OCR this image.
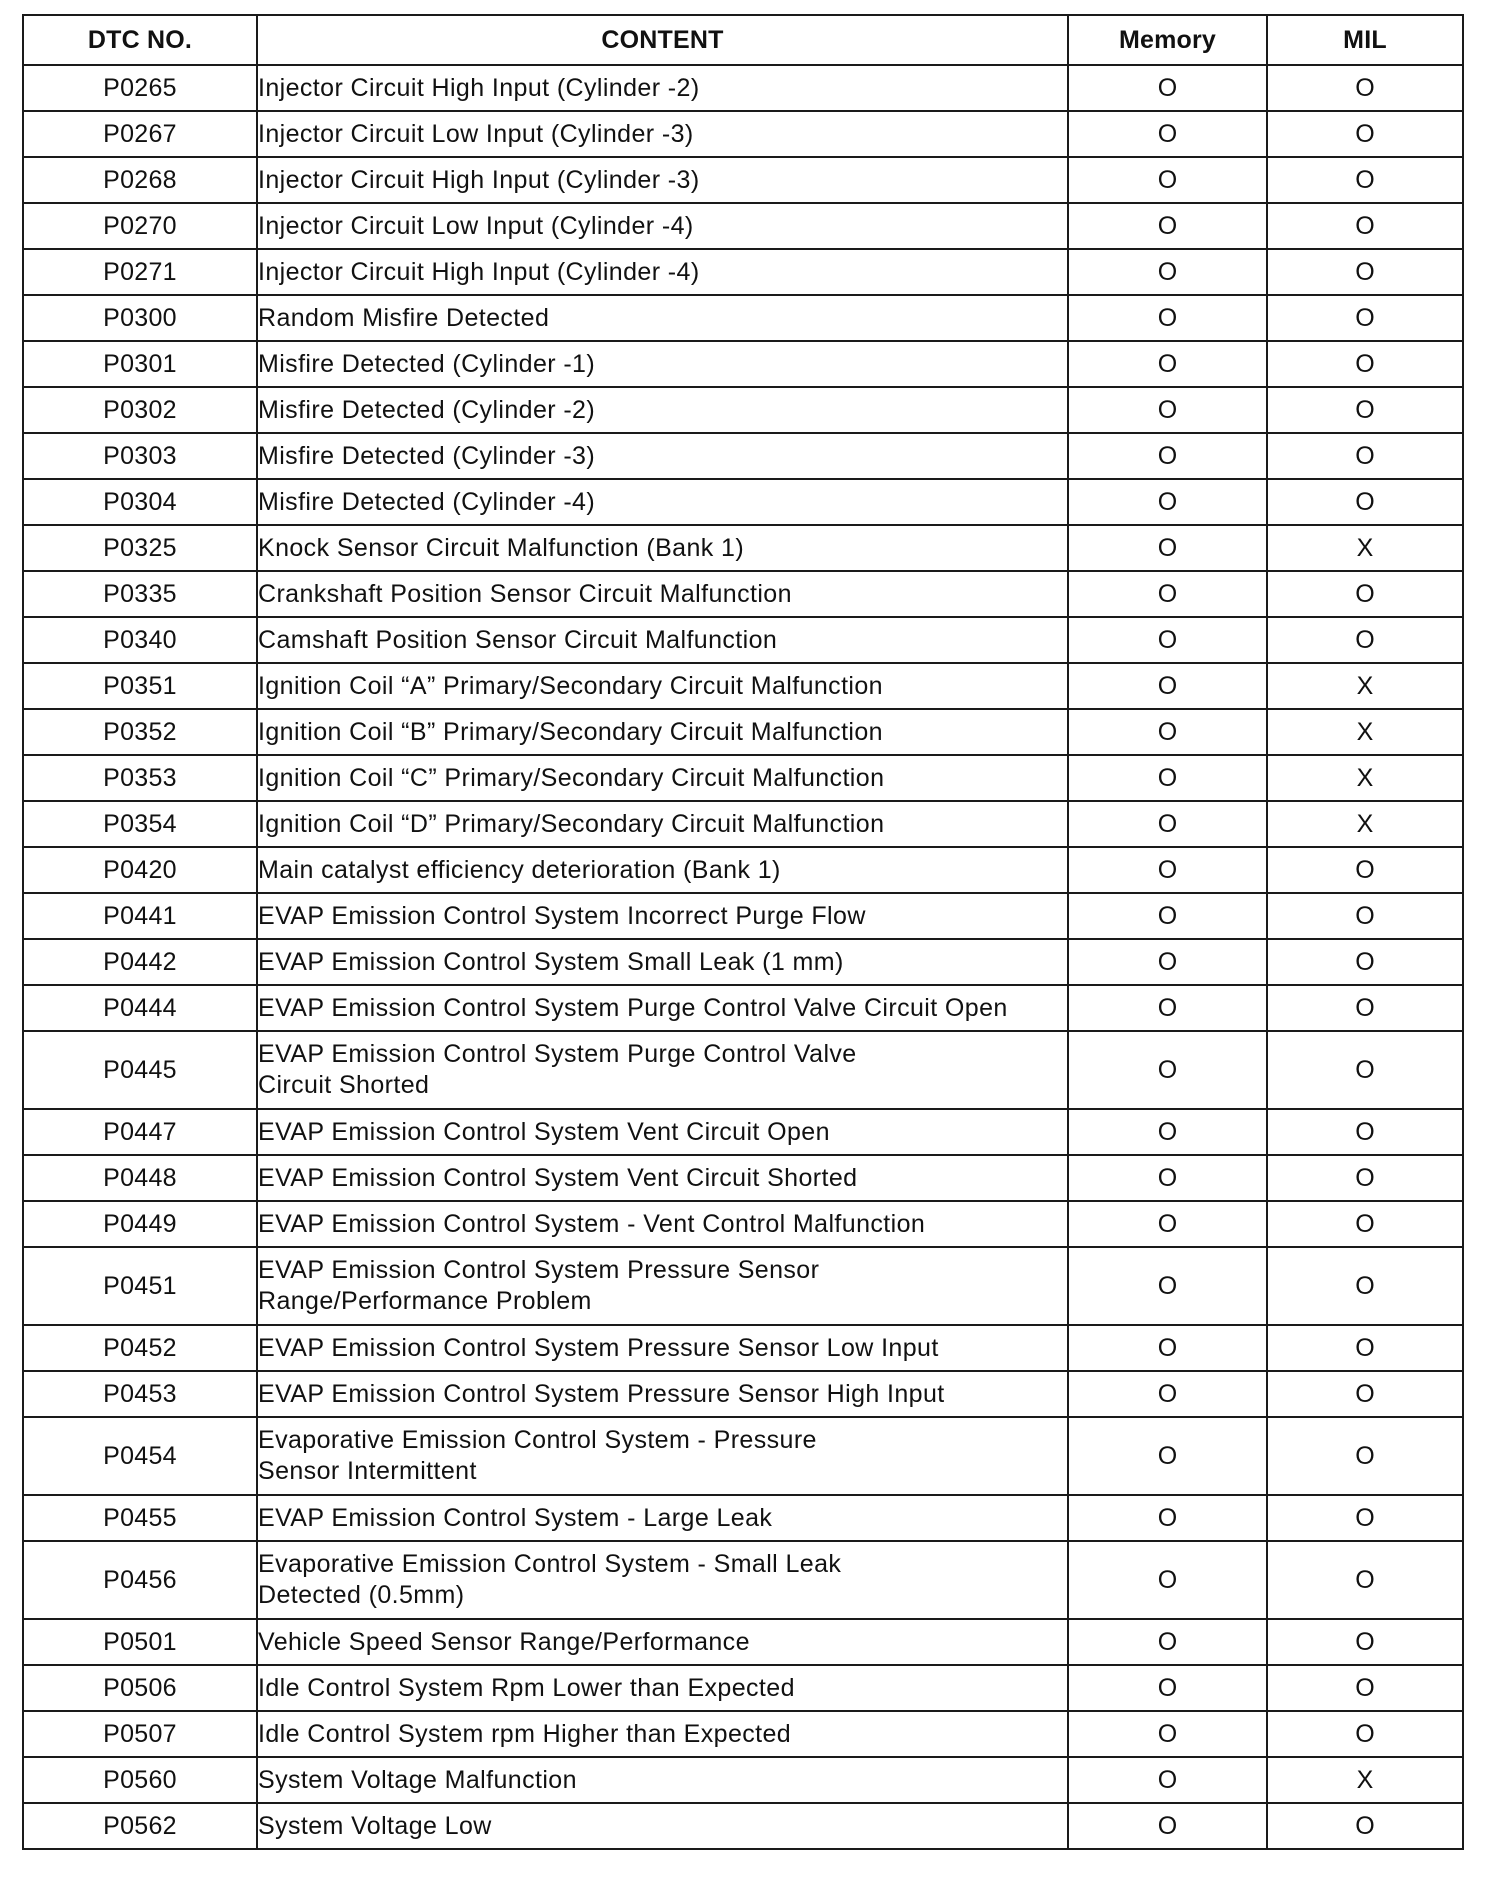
DTC NO.	CONTENT	Memory	MIL
P0265	Injector Circuit High Input (Cylinder -2)	O	O
P0267	Injector Circuit Low Input (Cylinder -3)	O	O
P0268	Injector Circuit High Input (Cylinder -3)	O	O
P0270	Injector Circuit Low Input (Cylinder -4)	O	O
P0271	Injector Circuit High Input (Cylinder -4)	O	O
P0300	Random Misfire Detected	O	O
P0301	Misfire Detected (Cylinder -1)	O	O
P0302	Misfire Detected (Cylinder -2)	O	O
P0303	Misfire Detected (Cylinder -3)	O	O
P0304	Misfire Detected (Cylinder -4)	O	O
P0325	Knock Sensor Circuit Malfunction (Bank 1)	O	X
P0335	Crankshaft Position Sensor Circuit Malfunction	O	O
P0340	Camshaft Position Sensor Circuit Malfunction	O	O
P0351	Ignition Coil “A” Primary/Secondary Circuit Malfunction	O	X
P0352	Ignition Coil “B” Primary/Secondary Circuit Malfunction	O	X
P0353	Ignition Coil “C” Primary/Secondary Circuit Malfunction	O	X
P0354	Ignition Coil “D” Primary/Secondary Circuit Malfunction	O	X
P0420	Main catalyst efficiency deterioration (Bank 1)	O	O
P0441	EVAP Emission Control System Incorrect Purge Flow	O	O
P0442	EVAP Emission Control System Small Leak (1 mm)	O	O
P0444	EVAP Emission Control System Purge Control Valve Circuit Open	O	O
P0445	EVAP Emission Control System Purge Control Valve Circuit Shorted	O	O
P0447	EVAP Emission Control System Vent Circuit Open	O	O
P0448	EVAP Emission Control System Vent Circuit Shorted	O	O
P0449	EVAP Emission Control System - Vent Control Malfunction	O	O
P0451	EVAP Emission Control System Pressure Sensor Range/Performance Problem	O	O
P0452	EVAP Emission Control System Pressure Sensor Low Input	O	O
P0453	EVAP Emission Control System Pressure Sensor High Input	O	O
P0454	Evaporative Emission Control System - Pressure Sensor Intermittent	O	O
P0455	EVAP Emission Control System - Large Leak	O	O
P0456	Evaporative Emission Control System - Small Leak Detected (0.5mm)	O	O
P0501	Vehicle Speed Sensor Range/Performance	O	O
P0506	Idle Control System Rpm Lower than Expected	O	O
P0507	Idle Control System rpm Higher than Expected	O	O
P0560	System Voltage Malfunction	O	X
P0562	System Voltage Low	O	O
